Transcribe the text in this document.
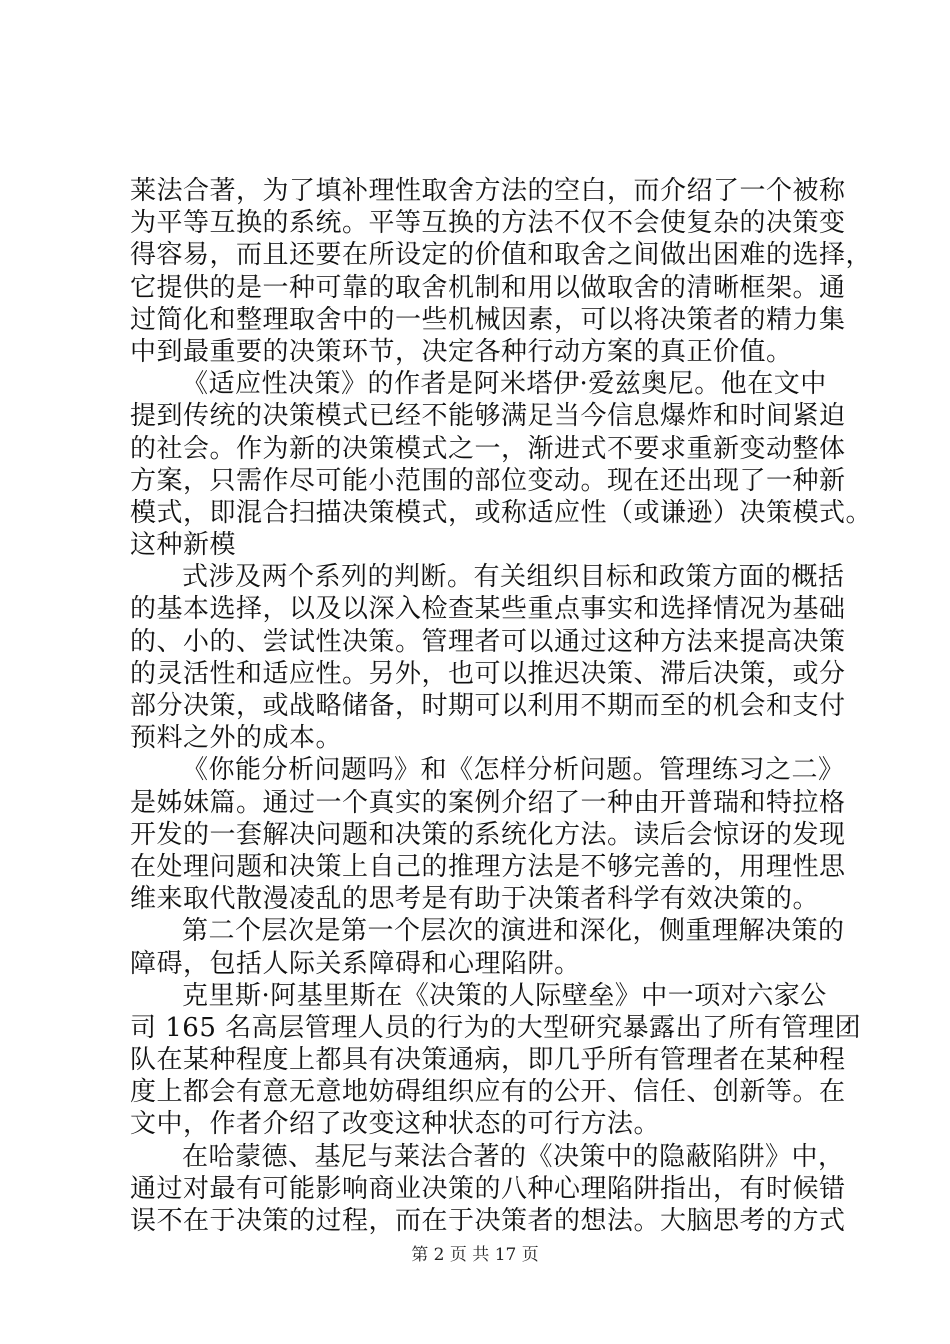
莱法合著，为了填补理性取舍方法的空白，而介绍了一个被称
为平等互换的系统。平等互换的方法不仅不会使复杂的决策变
得容易，而且还要在所设定的价值和取舍之间做出困难的选择，
它提供的是一种可靠的取舍机制和用以做取舍的清晰框架。通
过简化和整理取舍中的一些机械因素，可以将决策者的精力集
中到最重要的决策环节，决定各种行动方案的真正价值。
《适应性决策》的作者是阿米塔伊·爱兹奥尼。他在文中
提到传统的决策模式已经不能够满足当今信息爆炸和时间紧迫
的社会。作为新的决策模式之一，渐进式不要求重新变动整体
方案，只需作尽可能小范围的部位变动。现在还出现了一种新
模式，即混合扫描决策模式，或称适应性（或谦逊）决策模式。
这种新模
式涉及两个系列的判断。有关组织目标和政策方面的概括
的基本选择，以及以深入检查某些重点事实和选择情况为基础
的、小的、尝试性决策。管理者可以通过这种方法来提高决策
的灵活性和适应性。另外，也可以推迟决策、滞后决策，或分
部分决策，或战略储备，时期可以利用不期而至的机会和支付
预料之外的成本。
《你能分析问题吗》和《怎样分析问题。管理练习之二》
是姊妹篇。通过一个真实的案例介绍了一种由开普瑞和特拉格
开发的一套解决问题和决策的系统化方法。读后会惊讶的发现
在处理问题和决策上自己的推理方法是不够完善的，用理性思
维来取代散漫凌乱的思考是有助于决策者科学有效决策的。
第二个层次是第一个层次的演进和深化，侧重理解决策的
障碍，包括人际关系障碍和心理陷阱。
克里斯·阿基里斯在《决策的人际壁垒》中一项对六家公
司 165 名高层管理人员的行为的大型研究暴露出了所有管理团
队在某种程度上都具有决策通病，即几乎所有管理者在某种程
度上都会有意无意地妨碍组织应有的公开、信任、创新等。在
文中，作者介绍了改变这种状态的可行方法。
在哈蒙德、基尼与莱法合著的《决策中的隐蔽陷阱》中，
通过对最有可能影响商业决策的八种心理陷阱指出，有时候错
误不在于决策的过程，而在于决策者的想法。大脑思考的方式
第 2 页 共 17 页
